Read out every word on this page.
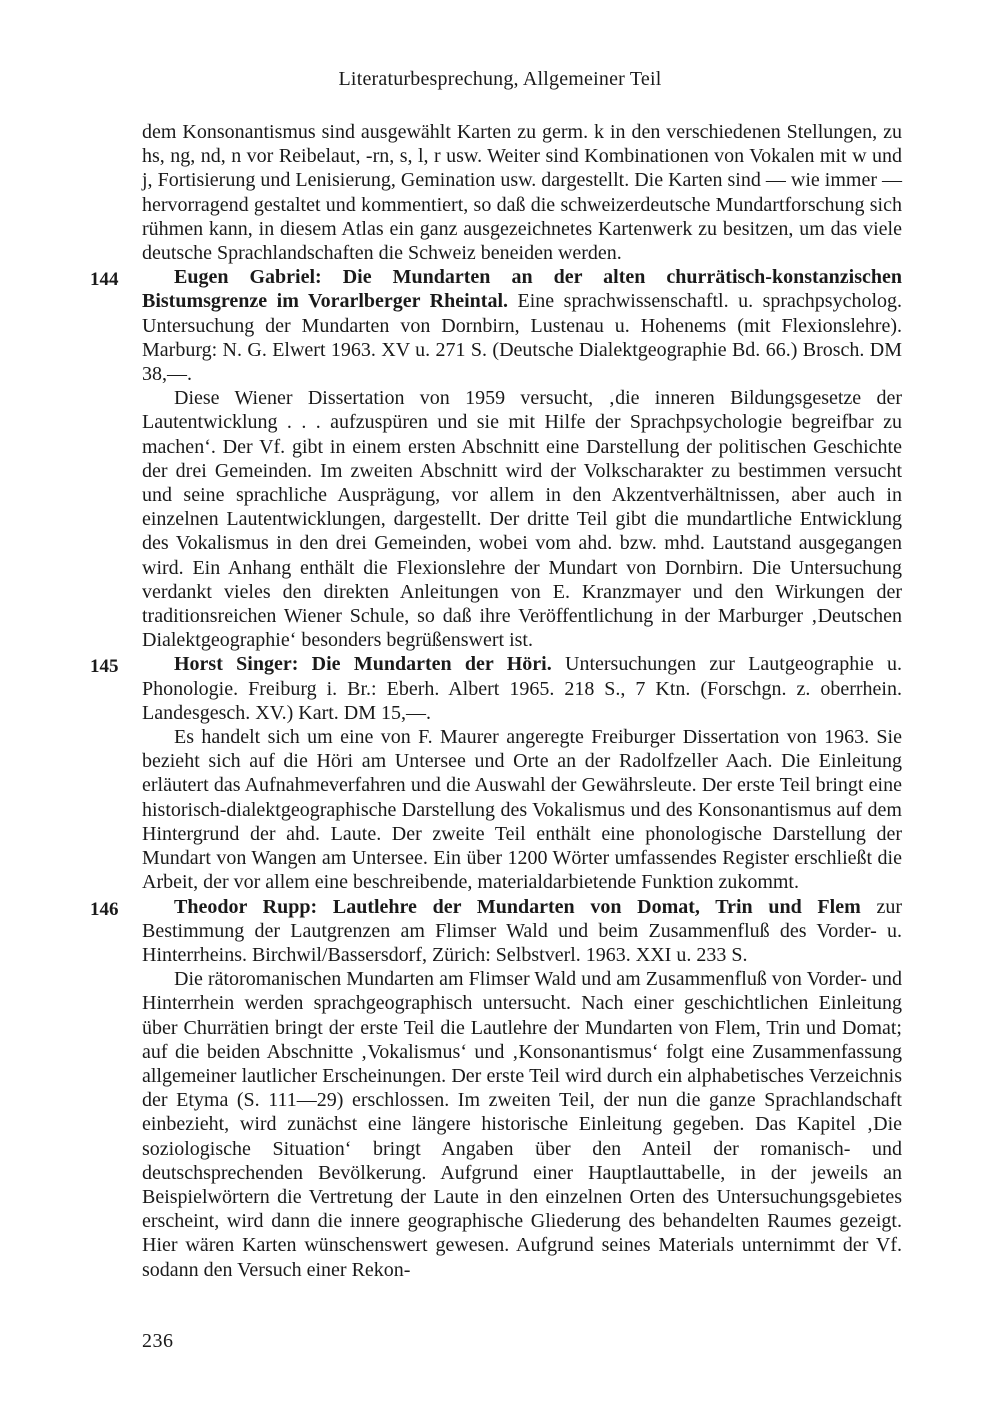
Literaturbesprechung, Allgemeiner Teil

dem Konsonantismus sind ausgewählt Karten zu germ. k in den verschiedenen Stellungen, zu hs, ng, nd, n vor Reibelaut, -rn, s, l, r usw. Weiter sind Kombinationen von Vokalen mit w und j, Fortisierung und Lenisierung, Gemination usw. dargestellt. Die Karten sind — wie immer — hervorragend gestaltet und kommentiert, so daß die schweizerdeutsche Mundartforschung sich rühmen kann, in diesem Atlas ein ganz ausgezeichnetes Kartenwerk zu besitzen, um das viele deutsche Sprachlandschaften die Schweiz beneiden werden.

144	Eugen Gabriel: Die Mundarten an der alten churrätisch-konstanzischen Bistumsgrenze im Vorarlberger Rheintal. Eine sprachwissenschaftl. u. sprachpsycholog. Untersuchung der Mundarten von Dornbirn, Lustenau u. Hohenems (mit Flexionslehre). Marburg: N. G. Elwert 1963. XV u. 271 S. (Deutsche Dialektgeographie Bd. 66.) Brosch. DM 38,—.

Diese Wiener Dissertation von 1959 versucht, ‚die inneren Bildungsgesetze der Lautentwicklung . . . aufzuspüren und sie mit Hilfe der Sprachpsychologie begreifbar zu machen‘. Der Vf. gibt in einem ersten Abschnitt eine Darstellung der politischen Geschichte der drei Gemeinden. Im zweiten Abschnitt wird der Volkscharakter zu bestimmen versucht und seine sprachliche Ausprägung, vor allem in den Akzentverhältnissen, aber auch in einzelnen Lautentwicklungen, dargestellt. Der dritte Teil gibt die mundartliche Entwicklung des Vokalismus in den drei Gemeinden, wobei vom ahd. bzw. mhd. Lautstand ausgegangen wird. Ein Anhang enthält die Flexionslehre der Mundart von Dornbirn. Die Untersuchung verdankt vieles den direkten Anleitungen von E. Kranzmayer und den Wirkungen der traditionsreichen Wiener Schule, so daß ihre Veröffentlichung in der Marburger ‚Deutschen Dialektgeographie‘ besonders begrüßenswert ist.

145	Horst Singer: Die Mundarten der Höri. Untersuchungen zur Lautgeographie u. Phonologie. Freiburg i. Br.: Eberh. Albert 1965. 218 S., 7 Ktn. (Forschgn. z. oberrhein. Landesgesch. XV.) Kart. DM 15,—.

Es handelt sich um eine von F. Maurer angeregte Freiburger Dissertation von 1963. Sie bezieht sich auf die Höri am Untersee und Orte an der Radolfzeller Aach. Die Einleitung erläutert das Aufnahmeverfahren und die Auswahl der Gewährsleute. Der erste Teil bringt eine historisch-dialektgeographische Darstellung des Vokalismus und des Konsonantismus auf dem Hintergrund der ahd. Laute. Der zweite Teil enthält eine phonologische Darstellung der Mundart von Wangen am Untersee. Ein über 1200 Wörter umfassendes Register erschließt die Arbeit, der vor allem eine beschreibende, materialdarbietende Funktion zukommt.

146	Theodor Rupp: Lautlehre der Mundarten von Domat, Trin und Flem zur Bestimmung der Lautgrenzen am Flimser Wald und beim Zusammenfluß des Vorder- u. Hinterrheins. Birchwil/Bassersdorf, Zürich: Selbstverl. 1963. XXI u. 233 S.

Die rätoromanischen Mundarten am Flimser Wald und am Zusammenfluß von Vorder- und Hinterrhein werden sprachgeographisch untersucht. Nach einer geschichtlichen Einleitung über Churrätien bringt der erste Teil die Lautlehre der Mundarten von Flem, Trin und Domat; auf die beiden Abschnitte ‚Vokalismus‘ und ‚Konsonantismus‘ folgt eine Zusammenfassung allgemeiner lautlicher Erscheinungen. Der erste Teil wird durch ein alphabetisches Verzeichnis der Etyma (S. 111—29) erschlossen. Im zweiten Teil, der nun die ganze Sprachlandschaft einbezieht, wird zunächst eine längere historische Einleitung gegeben. Das Kapitel ‚Die soziologische Situation‘ bringt Angaben über den Anteil der romanisch- und deutschsprechenden Bevölkerung. Aufgrund einer Hauptlauttabelle, in der jeweils an Beispielwörtern die Vertretung der Laute in den einzelnen Orten des Untersuchungsgebietes erscheint, wird dann die innere geographische Gliederung des behandelten Raumes gezeigt. Hier wären Karten wünschenswert gewesen. Aufgrund seines Materials unternimmt der Vf. sodann den Versuch einer Rekon-

236
